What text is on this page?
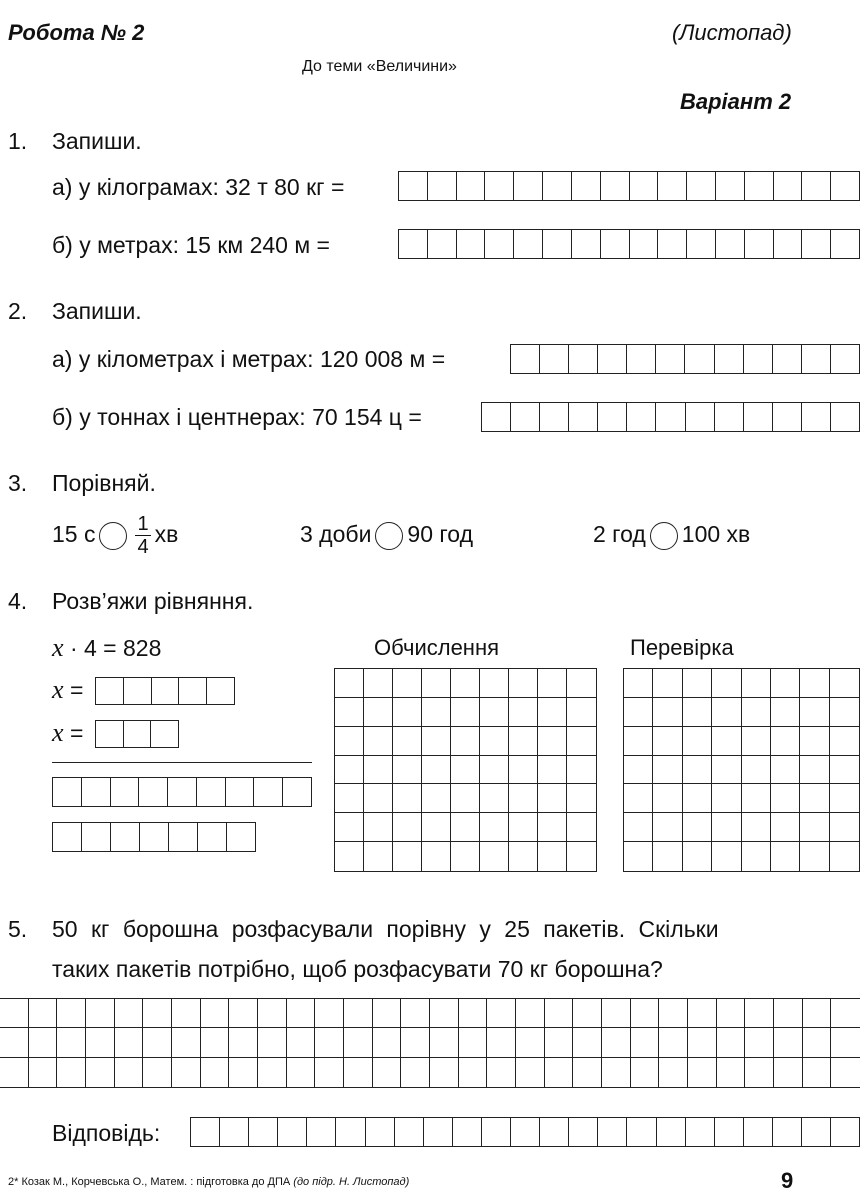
Робота № 2	(Листопад)
До теми «Величини»
Варіант 2
1. Запиши.
а) у кілограмах: 32 т 80 кг =
б) у метрах: 15 км 240 м =
2. Запиши.
а) у кілометрах і метрах: 120 008 м =
б) у тоннах і центнерах: 70 154 ц =
3. Порівняй.
15 с $\frac{1}{4}$ хв	3 доби 90 год	2 год 100 хв
4. Розв’яжи рівняння.
x · 4 = 828
x =
x =
Обчислення	Перевірка
5. 50 кг борошна розфасували порівну у 25 пакетів. Скільки
таких пакетів потрібно, щоб розфасувати 70 кг борошна?
Відповідь:
2* Козак М., Корчевська О., Матем. : підготовка до ДПА (до підр. Н. Листопад)	9
